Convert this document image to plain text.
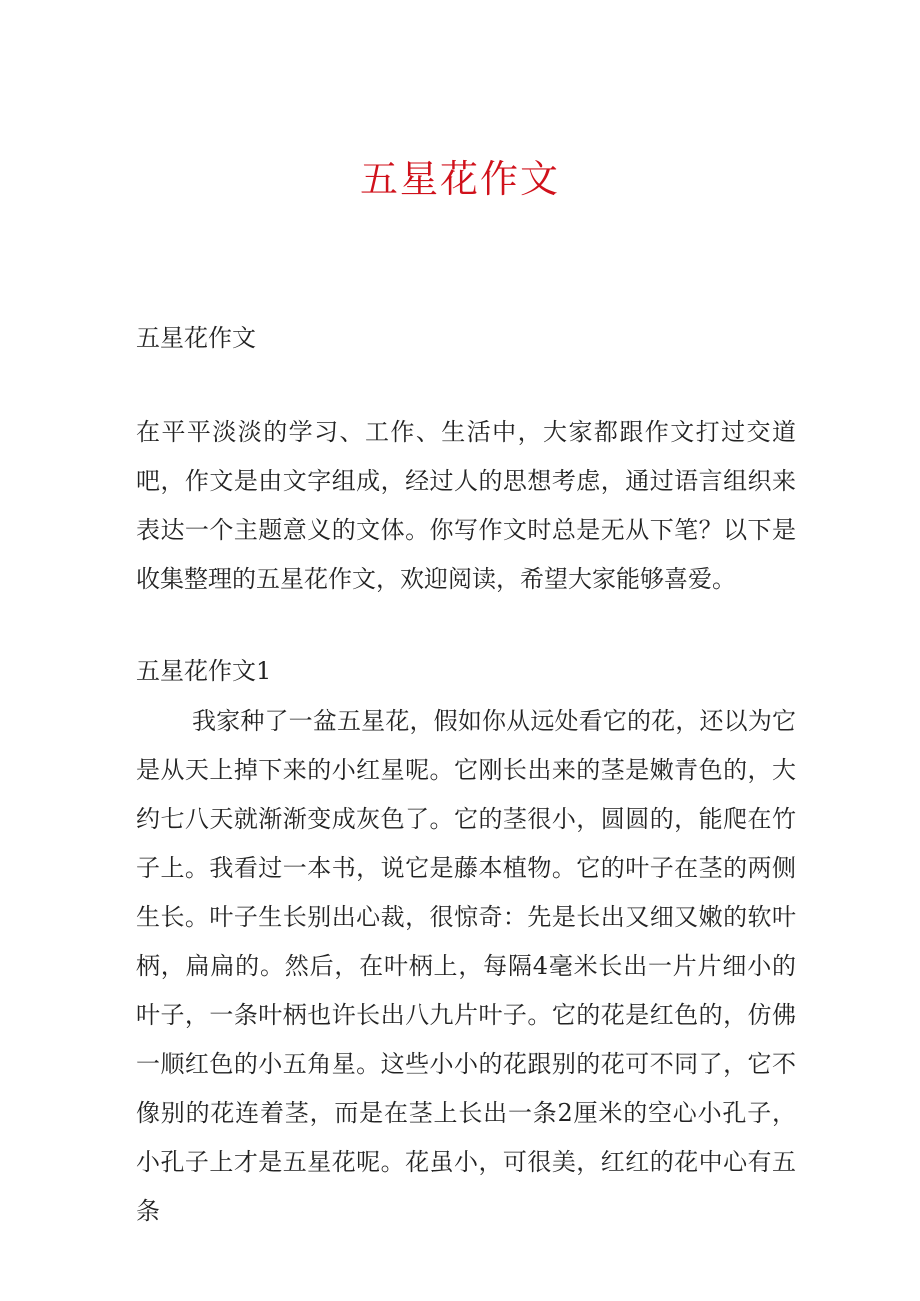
五星花作文
五星花作文

在平平淡淡的学习、工作、生活中，大家都跟作文打过交道吧，作文是由文字组成，经过人的思想考虑，通过语言组织来表达一个主题意义的文体。你写作文时总是无从下笔？以下是收集整理的五星花作文，欢迎阅读，希望大家能够喜爱。

五星花作文1

我家种了一盆五星花，假如你从远处看它的花，还以为它是从天上掉下来的小红星呢。它刚长出来的茎是嫩青色的，大约七八天就渐渐变成灰色了。它的茎很小，圆圆的，能爬在竹子上。我看过一本书，说它是藤本植物。它的叶子在茎的两侧生长。叶子生长别出心裁，很惊奇：先是长出又细又嫩的软叶柄，扁扁的。然后，在叶柄上，每隔4毫米长出一片片细小的叶子，一条叶柄也许长出八九片叶子。它的花是红色的，仿佛一顺红色的小五角星。这些小小的花跟别的花可不同了，它不像别的花连着茎，而是在茎上长出一条2厘米的空心小孔子，小孔子上才是五星花呢。花虽小，可很美，红红的花中心有五条
